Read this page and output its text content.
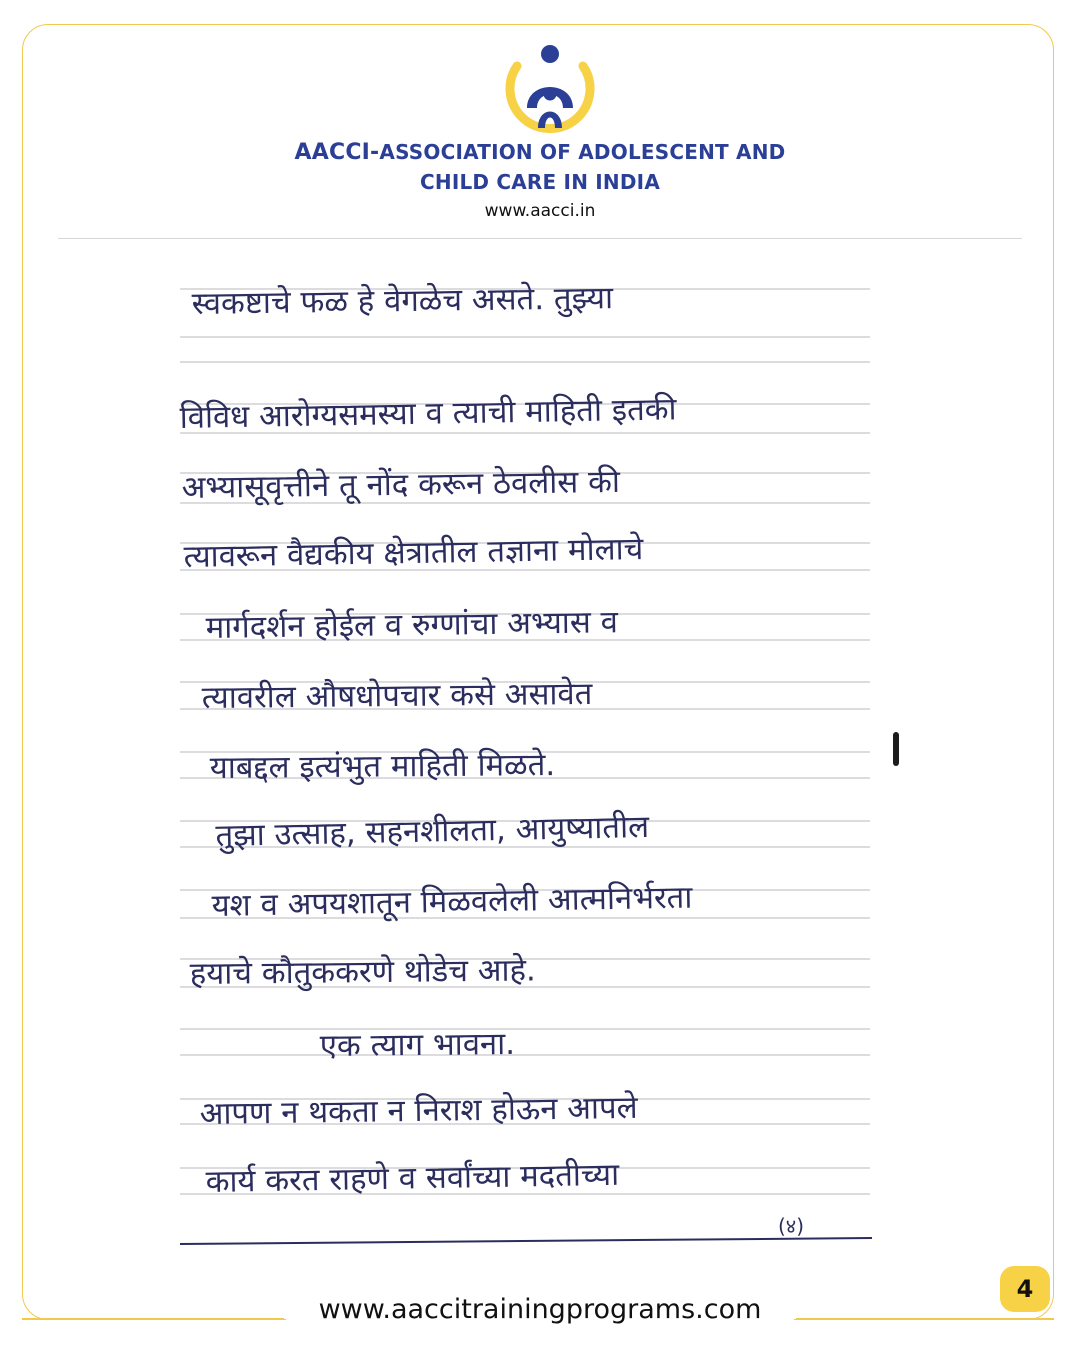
AACCI-ASSOCIATION OF ADOLESCENT AND
CHILD CARE IN INDIA
www.aacci.in
स्वकष्टाचे फळ हे वेगळेच असते. तुझ्या
विविध आरोग्यसमस्या व त्याची माहिती इतकी
अभ्यासूवृत्तीने तू नोंद करून ठेवलीस की
त्यावरून वैद्यकीय क्षेत्रातील तज्ञाना मोलाचे
मार्गदर्शन होईल व रुग्णांचा अभ्यास व
त्यावरील औषधोपचार कसे असावेत
याबद्दल इत्यंभुत माहिती मिळते.
तुझा उत्साह, सहनशीलता, आयुष्यातील
यश व अपयशातून मिळवलेली आत्मनिर्भरता
हयाचे कौतुककरणे थोडेच आहे.
एक त्याग भावना.
आपण न थकता न निराश होऊन आपले
कार्य करत राहणे व सर्वांच्या मदतीच्या
(४)
www.aaccitrainingprograms.com
4
